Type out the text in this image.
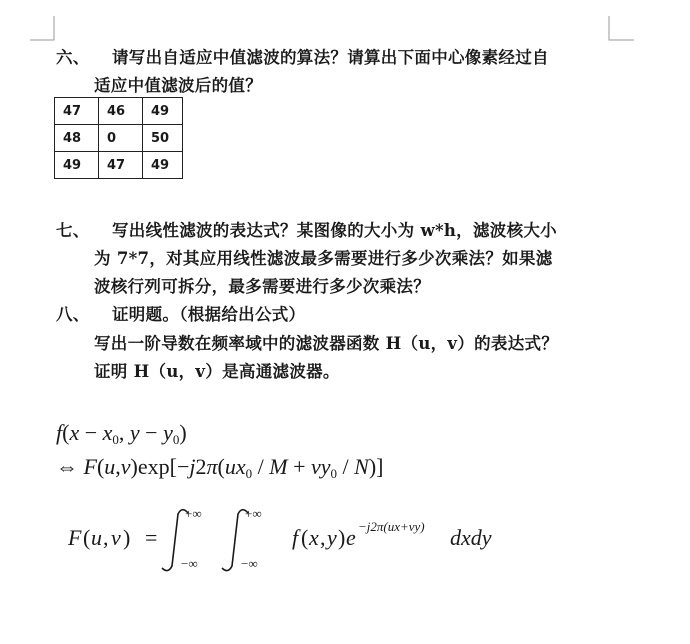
六、 请写出自适应中值滤波的算法？请算出下面中心像素经过自
适应中值滤波后的值？
47	46	49
48	0	50
49	47	49
七、 写出线性滤波的表达式？某图像的大小为 w*h，滤波核大小
为 7*7，对其应用线性滤波最多需要进行多少次乘法？如果滤
波核行列可拆分，最多需要进行多少次乘法？
八、 证明题。（根据给出公式）
写出一阶导数在频率域中的滤波器函数 H（u，v）的表达式？
证明 H（u，v）是高通滤波器。
$f(x - x_0$, $y - y_0$)
⇔ $F(u,v)\exp[-j2\pi(ux_0 / M + vy_0 / N)]$
F ( u , v ) =
+∞
−∞
+∞
−∞
f ( x , y ) e −j2π(ux+vy) dxdy
